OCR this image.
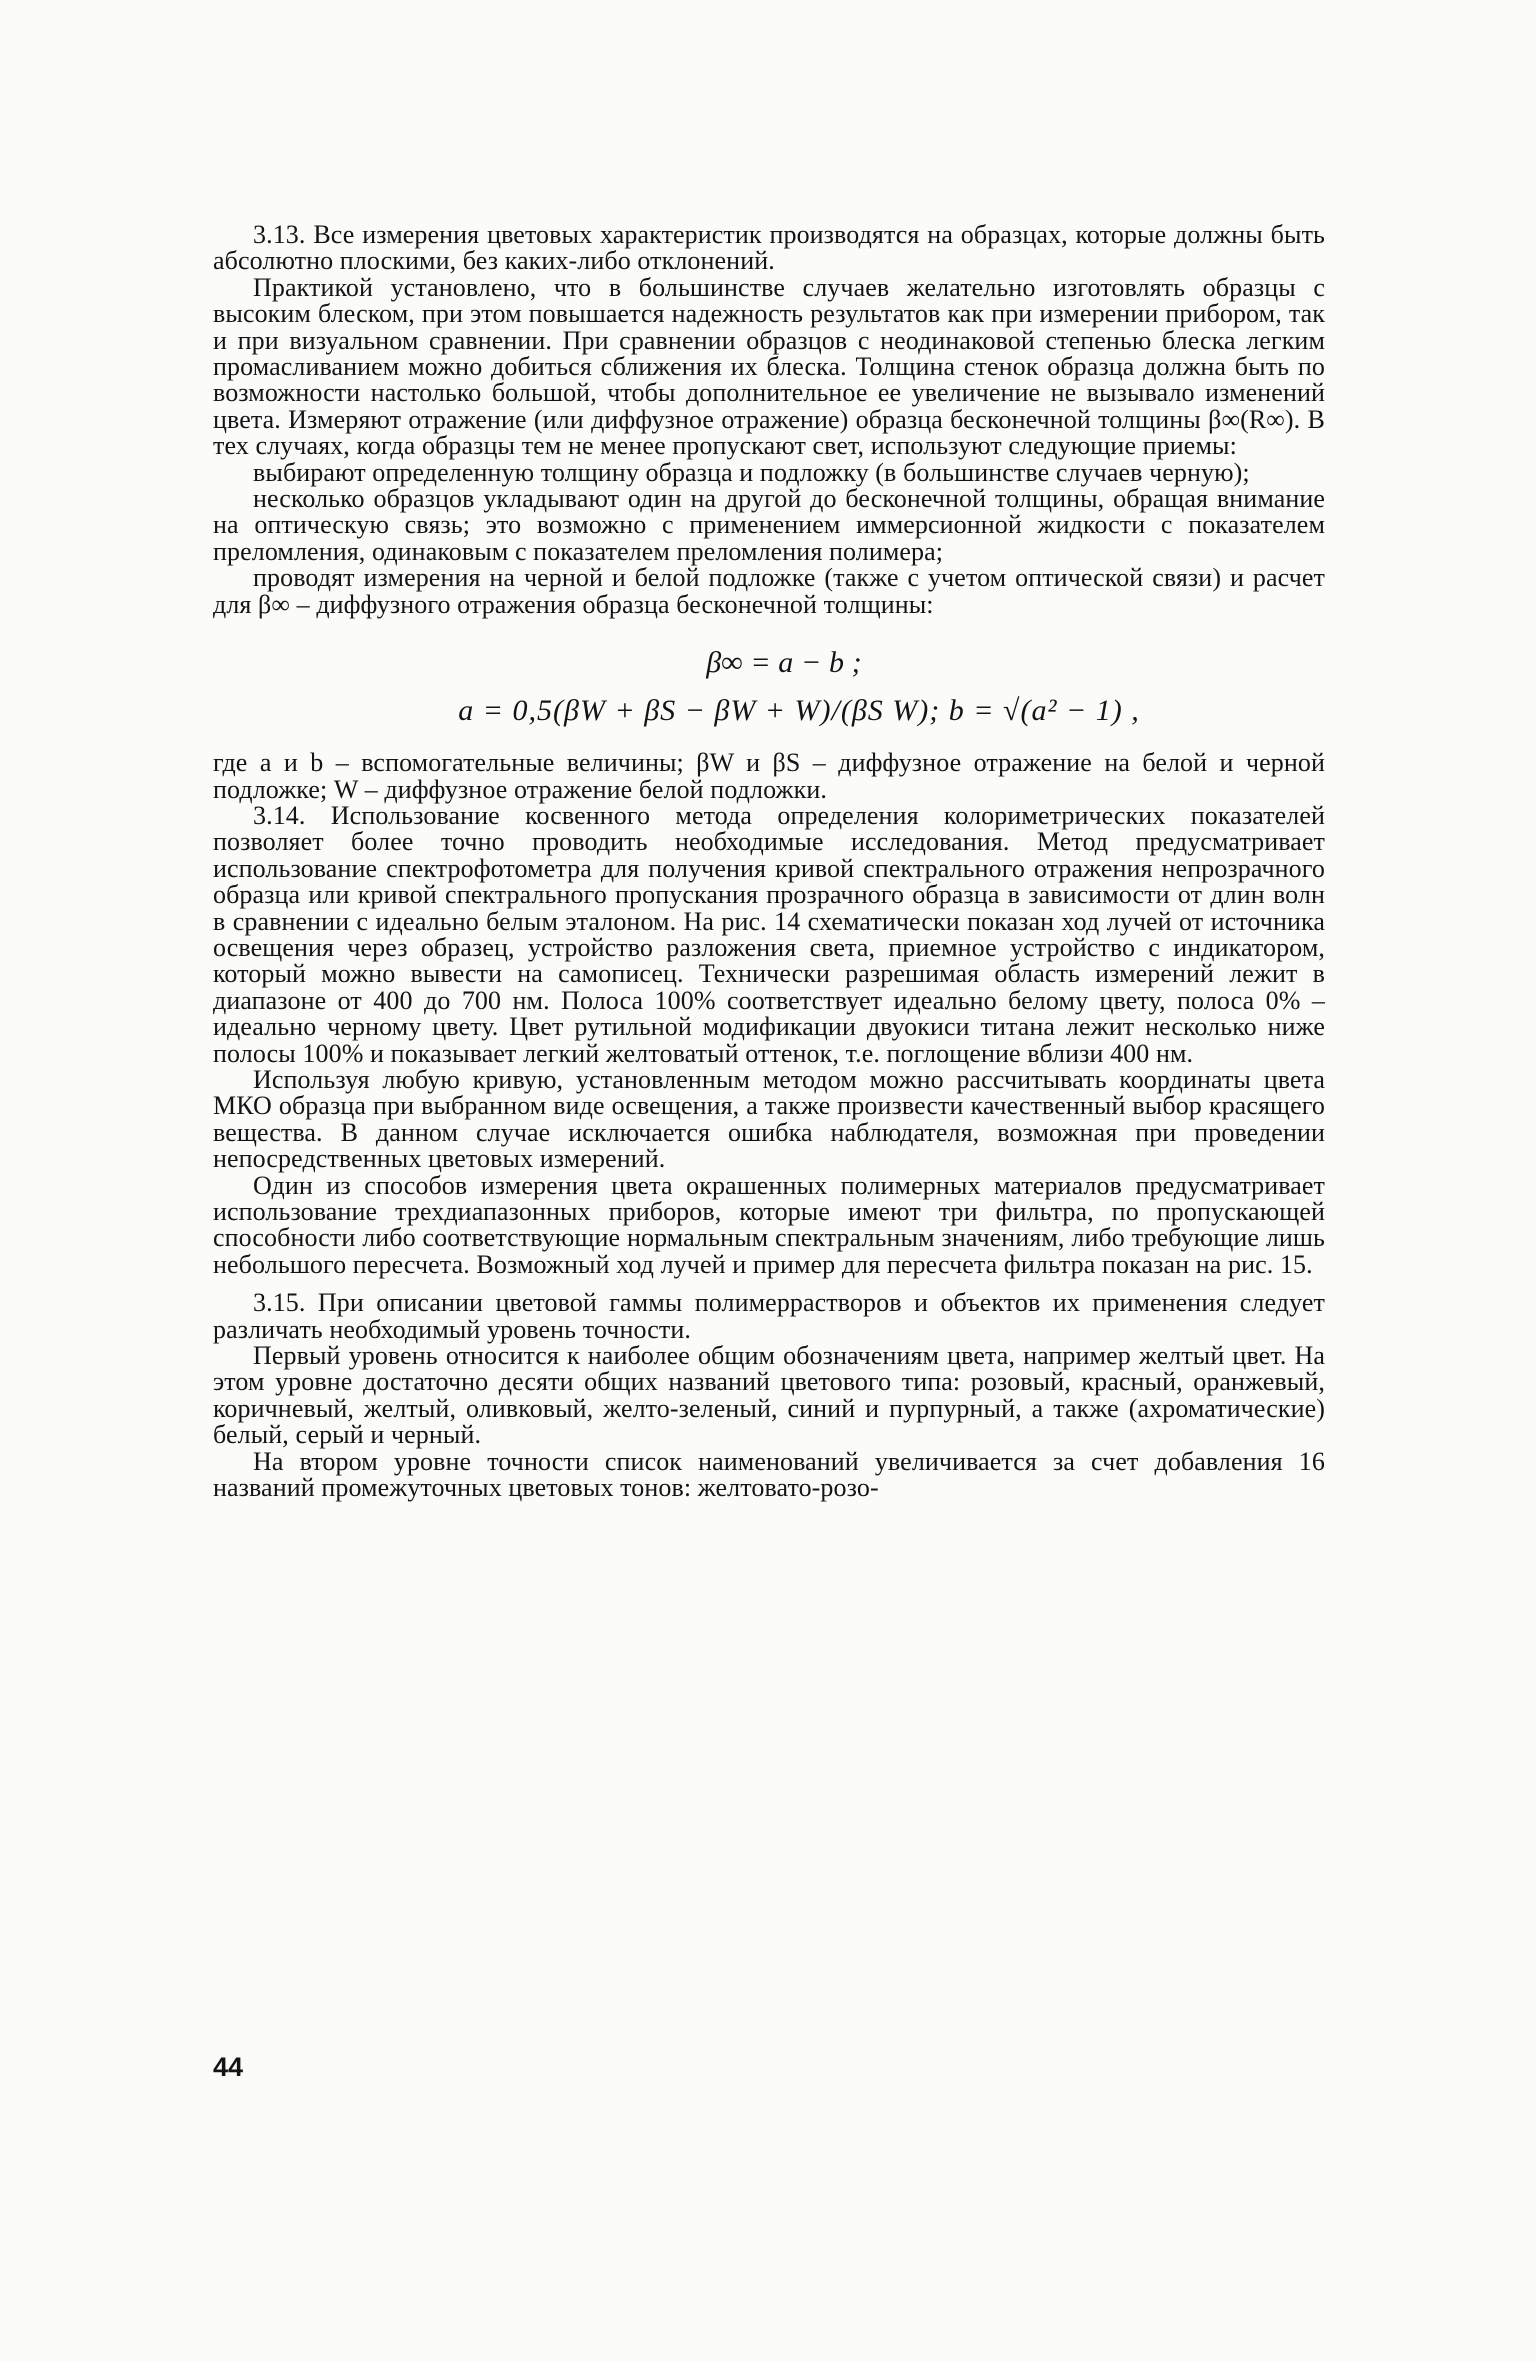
3.13. Все измерения цветовых характеристик производятся на образцах, которые должны быть абсолютно плоскими, без каких-либо отклонений.

Практикой установлено, что в большинстве случаев желательно изготовлять образцы с высоким блеском, при этом повышается надежность результатов как при измерении прибором, так и при визуальном сравнении. При сравнении образцов с неодинаковой степенью блеска легким промасливанием можно добиться сближения их блеска. Толщина стенок образца должна быть по возможности настолько большой, чтобы дополнительное ее увеличение не вызывало изменений цвета. Измеряют отражение (или диффузное отражение) образца бесконечной толщины β∞(R∞). В тех случаях, когда образцы тем не менее пропускают свет, используют следующие приемы:

выбирают определенную толщину образца и подложку (в большинстве случаев черную);

несколько образцов укладывают один на другой до бесконечной толщины, обращая внимание на оптическую связь; это возможно с применением иммерсионной жидкости с показателем преломления, одинаковым с показателем преломления полимера;

проводят измерения на черной и белой подложке (также с учетом оптической связи) и расчет для β∞ – диффузного отражения образца бесконечной толщины:

β∞ = a − b ;
a = 0,5(βW + βS − βW + W)/(βS W); b = √(a² − 1) ,

где a и b – вспомогательные величины; βW и βS – диффузное отражение на белой и черной подложке; W – диффузное отражение белой подложки.

3.14. Использование косвенного метода определения колориметрических показателей позволяет более точно проводить необходимые исследования. Метод предусматривает использование спектрофотометра для получения кривой спектрального отражения непрозрачного образца или кривой спектрального пропускания прозрачного образца в зависимости от длин волн в сравнении с идеально белым эталоном. На рис. 14 схематически показан ход лучей от источника освещения через образец, устройство разложения света, приемное устройство с индикатором, который можно вывести на самописец. Технически разрешимая область измерений лежит в диапазоне от 400 до 700 нм. Полоса 100% соответствует идеально белому цвету, полоса 0% – идеально черному цвету. Цвет рутильной модификации двуокиси титана лежит несколько ниже полосы 100% и показывает легкий желтоватый оттенок, т.е. поглощение вблизи 400 нм.

Используя любую кривую, установленным методом можно рассчитывать координаты цвета МКО образца при выбранном виде освещения, а также произвести качественный выбор красящего вещества. В данном случае исключается ошибка наблюдателя, возможная при проведении непосредственных цветовых измерений.

Один из способов измерения цвета окрашенных полимерных материалов предусматривает использование трехдиапазонных приборов, которые имеют три фильтра, по пропускающей способности либо соответствующие нормальным спектральным значениям, либо требующие лишь небольшого пересчета. Возможный ход лучей и пример для пересчета фильтра показан на рис. 15.

3.15. При описании цветовой гаммы полимеррастворов и объектов их применения следует различать необходимый уровень точности.

Первый уровень относится к наиболее общим обозначениям цвета, например желтый цвет. На этом уровне достаточно десяти общих названий цветового типа: розовый, красный, оранжевый, коричневый, желтый, оливковый, желто-зеленый, синий и пурпурный, а также (ахроматические) белый, серый и черный.

На втором уровне точности список наименований увеличивается за счет добавления 16 названий промежуточных цветовых тонов: желтовато-розо-

44
